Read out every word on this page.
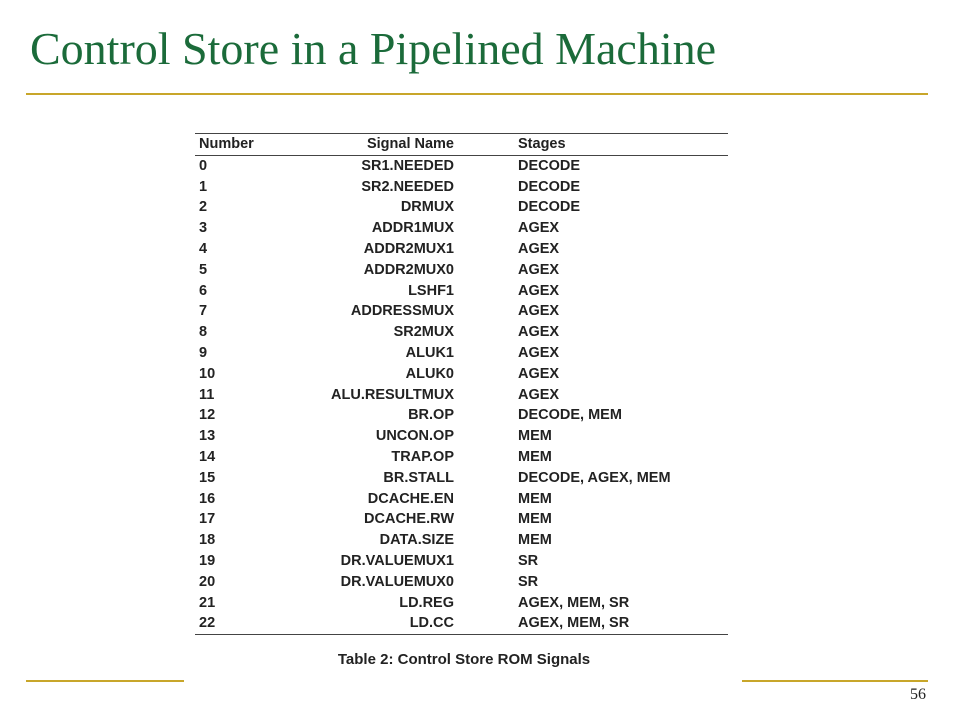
Control Store in a Pipelined Machine
Number	Signal Name	Stages
0	SR1.NEEDED	DECODE
1	SR2.NEEDED	DECODE
2	DRMUX	DECODE
3	ADDR1MUX	AGEX
4	ADDR2MUX1	AGEX
5	ADDR2MUX0	AGEX
6	LSHF1	AGEX
7	ADDRESSMUX	AGEX
8	SR2MUX	AGEX
9	ALUK1	AGEX
10	ALUK0	AGEX
11	ALU.RESULTMUX	AGEX
12	BR.OP	DECODE, MEM
13	UNCON.OP	MEM
14	TRAP.OP	MEM
15	BR.STALL	DECODE, AGEX, MEM
16	DCACHE.EN	MEM
17	DCACHE.RW	MEM
18	DATA.SIZE	MEM
19	DR.VALUEMUX1	SR
20	DR.VALUEMUX0	SR
21	LD.REG	AGEX, MEM, SR
22	LD.CC	AGEX, MEM, SR
Table 2: Control Store ROM Signals
56
